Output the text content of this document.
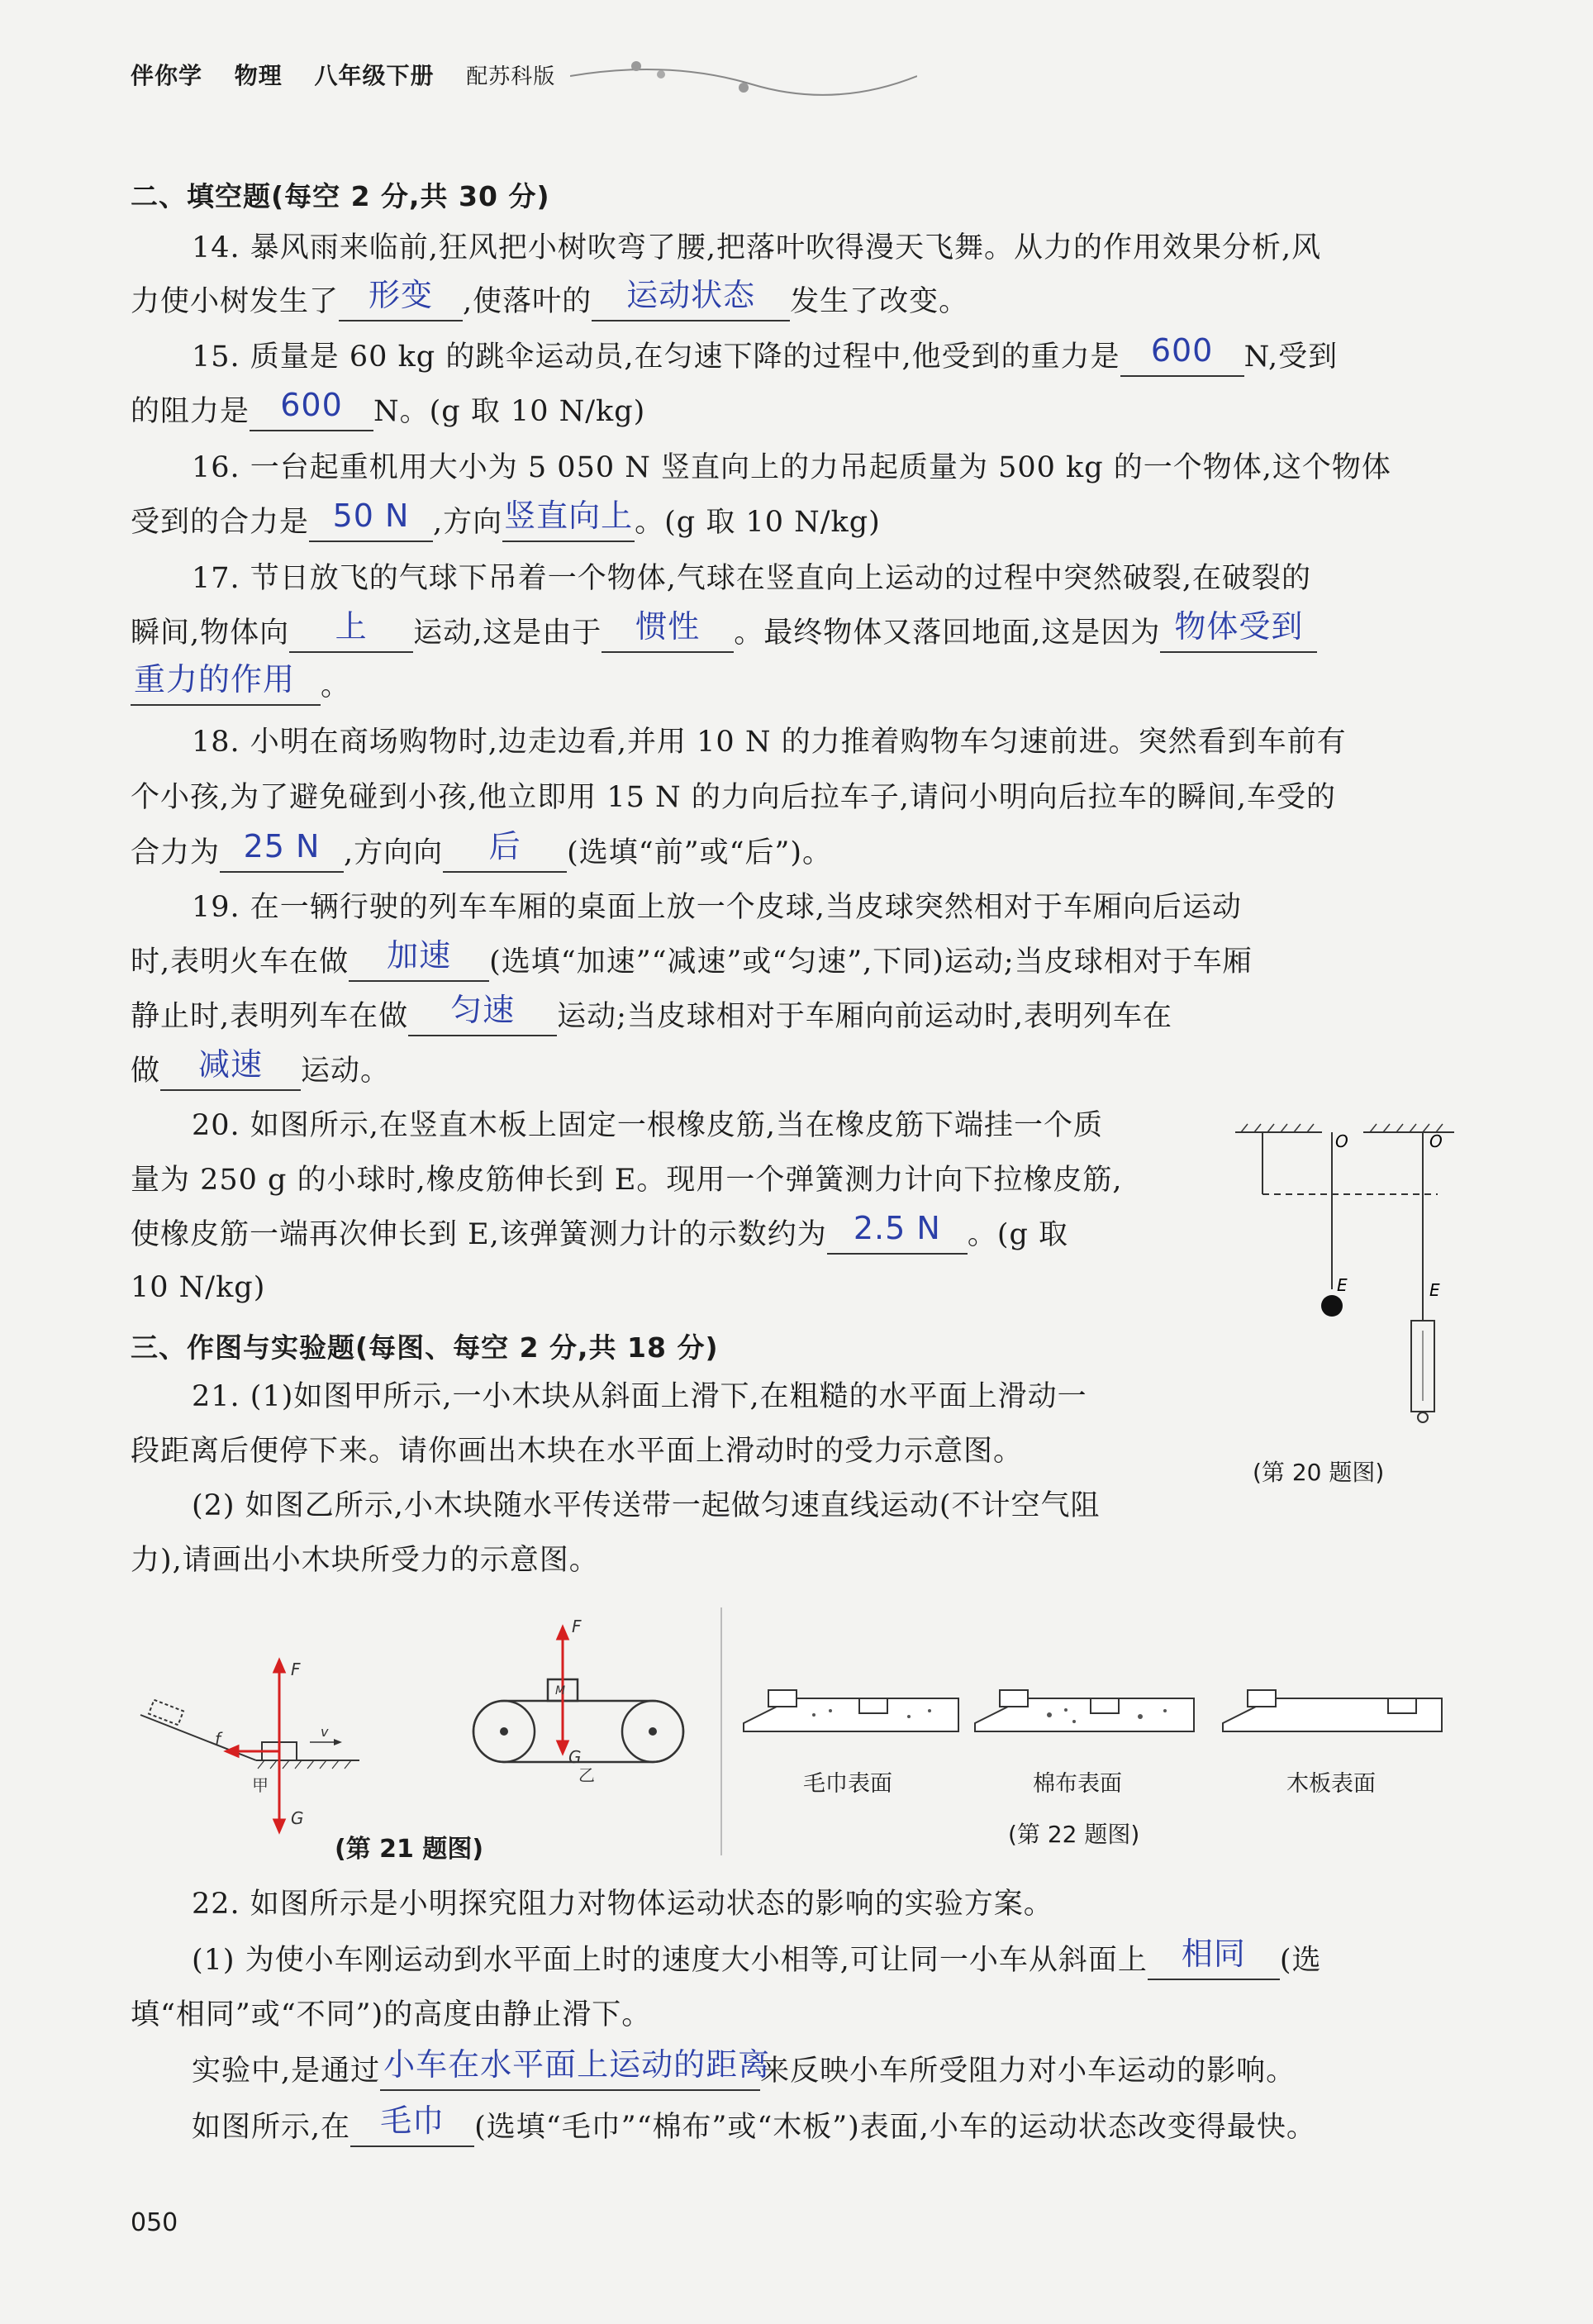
伴你学 物理 八年级下册 配苏科版
二、填空题(每空 2 分,共 30 分)
14. 暴风雨来临前,狂风把小树吹弯了腰,把落叶吹得漫天飞舞。从力的作用效果分析,风
力使小树发生了 形变	,使落叶的	运动状态	发生了改变。
15. 质量是 60 kg 的跳伞运动员,在匀速下降的过程中,他受到的重力是 600	N,受到
的阻力是 600	N。(g 取 10 N/kg)
16. 一台起重机用大小为 5 050 N 竖直向上的力吊起质量为 500 kg 的一个物体,这个物体
受到的合力是 50 N ,方向 竖直向上 。(g 取 10 N/kg)
17. 节日放飞的气球下吊着一个物体,气球在竖直向上运动的过程中突然破裂,在破裂的
瞬间,物体向	上	运动,这是由于	惯性	。最终物体又落回地面,这是因为 物体受到

重力的作用 。
18. 小明在商场购物时,边走边看,并用 10 N 的力推着购物车匀速前进。突然看到车前有
个小孩,为了避免碰到小孩,他立即用 15 N 的力向后拉车子,请问小明向后拉车的瞬间,车受的
合力为 25 N ,方向向	后	(选填“前”或“后”)。
19. 在一辆行驶的列车车厢的桌面上放一个皮球,当皮球突然相对于车厢向后运动
时,表明火车在做	加速	(选填“加速”“减速”或“匀速”,下同)运动;当皮球相对于车厢
静止时,表明列车在做	匀速	运动;当皮球相对于车厢向前运动时,表明列车在
做	减速	运动。
20. 如图所示,在竖直木板上固定一根橡皮筋,当在橡皮筋下端挂一个质
量为 250 g 的小球时,橡皮筋伸长到 E。现用一个弹簧测力计向下拉橡皮筋,
使橡皮筋一端再次伸长到 E,该弹簧测力计的示数约为 2.5 N 。(g 取
10 N/kg)
O	O
E	E
(第 20 题图)
三、作图与实验题(每图、每空 2 分,共 18 分)
21. (1)如图甲所示,一小木块从斜面上滑下,在粗糙的水平面上滑动一
段距离后便停下来。请你画出木块在水平面上滑动时的受力示意图。
(2) 如图乙所示,小木块随水平传送带一起做匀速直线运动(不计空气阻
力),请画出小木块所受力的示意图。
F
f	v
甲
G
F
M
G
乙
(第 21 题图)
毛巾表面	棉布表面	木板表面
(第 22 题图)
22. 如图所示是小明探究阻力对物体运动状态的影响的实验方案。
(1) 为使小车刚运动到水平面上时的速度大小相等,可让同一小车从斜面上	相同	(选
填“相同”或“不同”)的高度由静止滑下。
实验中,是通过 小车在水平面上运动的距离
来反映小车所受阻力对小车运动的影响。
如图所示,在 毛巾	(选填“毛巾”“棉布”或“木板”)表面,小车的运动状态改变得最快。
050
